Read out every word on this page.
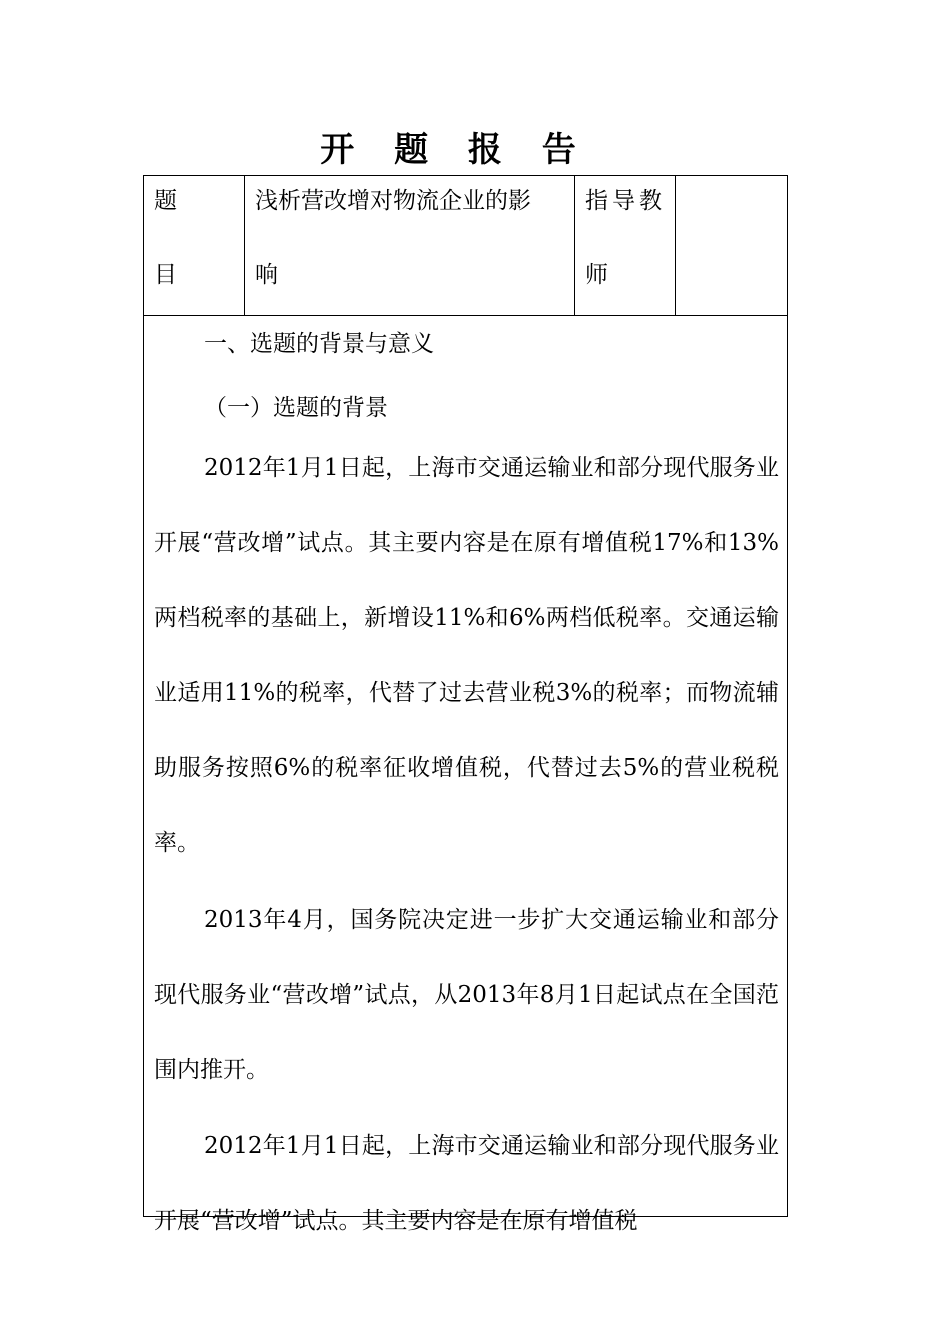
开 题 报 告
题
目
浅析营改增对物流企业的影
响
指导教
师
一、选题的背景与意义
（一）选题的背景
2012年1月1日起，上海市交通运输业和部分现代服务业开展“营改增”试点。其主要内容是在原有增值税17%和13%两档税率的基础上，新增设11%和6%两档低税率。交通运输业适用11%的税率，代替了过去营业税3%的税率；而物流辅助服务按照6%的税率征收增值税，代替过去5%的营业税税率。
2013年4月，国务院决定进一步扩大交通运输业和部分现代服务业“营改增”试点，从2013年8月1日起试点在全国范围内推开。
2012年1月1日起，上海市交通运输业和部分现代服务业开展“营改增”试点。其主要内容是在原有增值税
